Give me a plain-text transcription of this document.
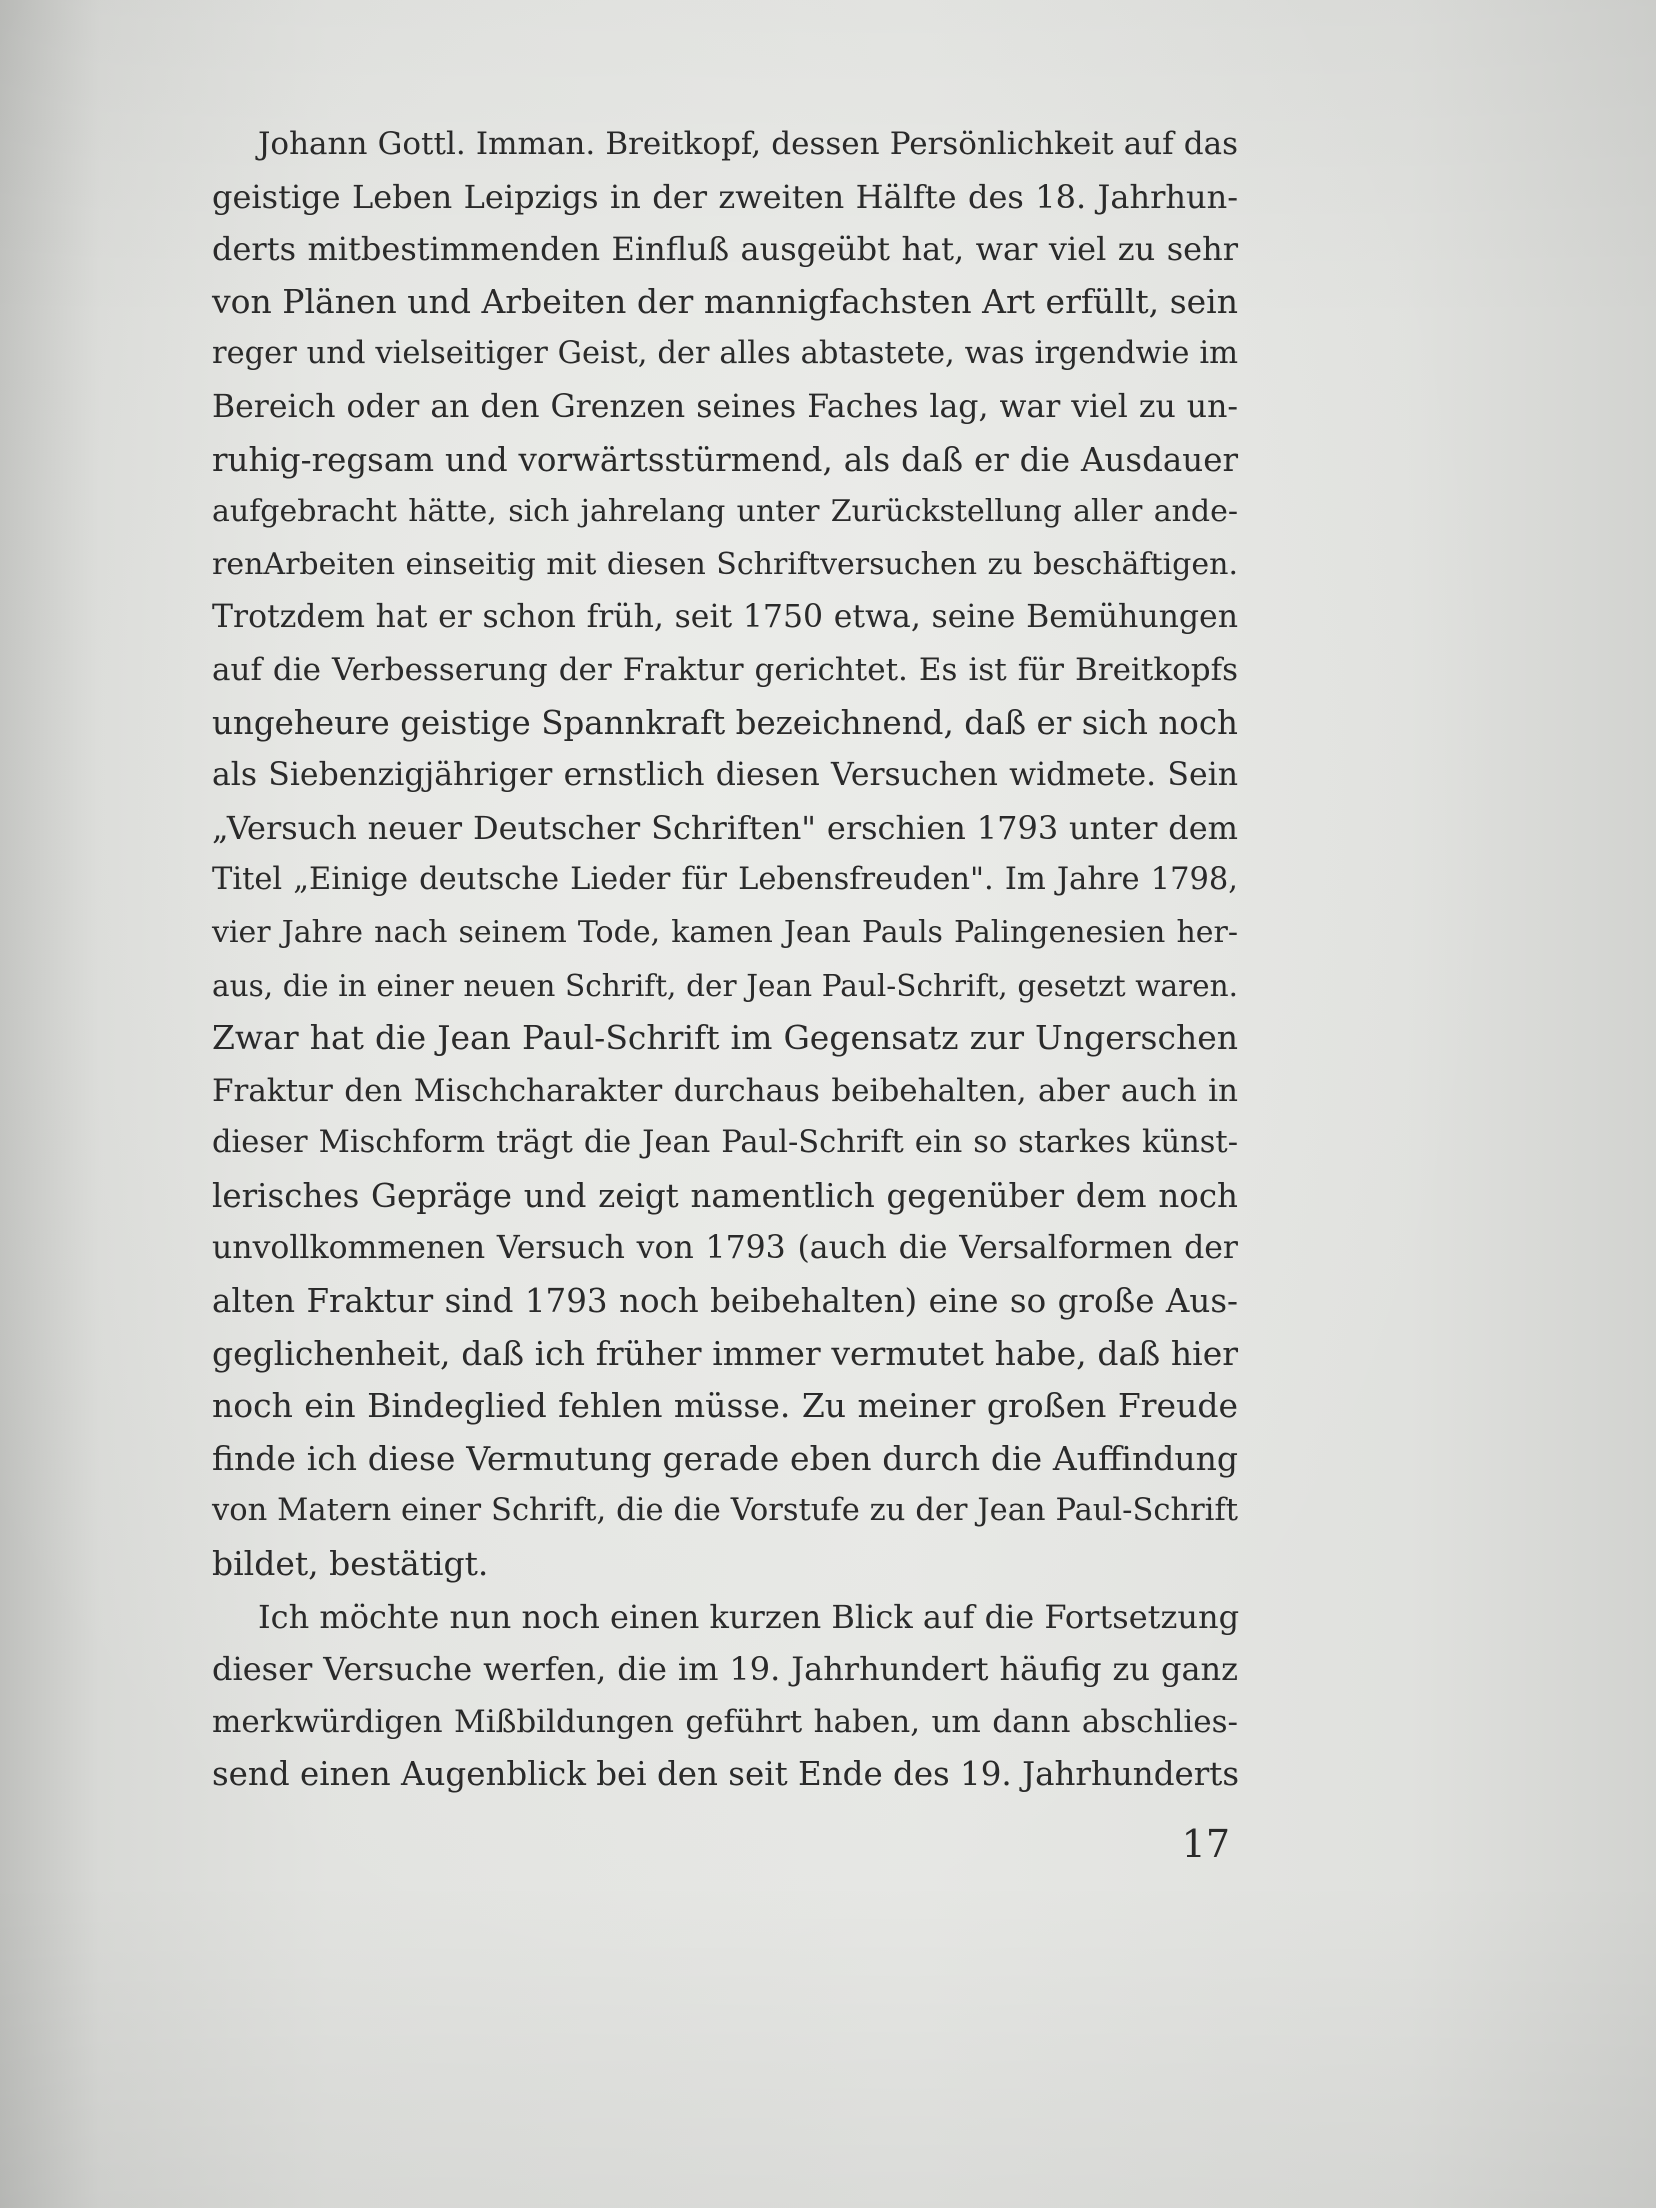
Johann Gottl. Imman. Breitkopf, dessen Persönlichkeit auf das
geistige Leben Leipzigs in der zweiten Hälfte des 18. Jahrhun-
derts mitbestimmenden Einfluß ausgeübt hat, war viel zu sehr
von Plänen und Arbeiten der mannigfachsten Art erfüllt, sein
reger und vielseitiger Geist, der alles abtastete, was irgendwie im
Bereich oder an den Grenzen seines Faches lag, war viel zu un-
ruhig-regsam und vorwärtsstürmend, als daß er die Ausdauer
aufgebracht hätte, sich jahrelang unter Zurückstellung aller ande-
renArbeiten einseitig mit diesen Schriftversuchen zu beschäftigen.
Trotzdem hat er schon früh, seit 1750 etwa, seine Bemühungen
auf die Verbesserung der Fraktur gerichtet. Es ist für Breitkopfs
ungeheure geistige Spannkraft bezeichnend, daß er sich noch
als Siebenzigjähriger ernstlich diesen Versuchen widmete. Sein
„Versuch neuer Deutscher Schriften" erschien 1793 unter dem
Titel „Einige deutsche Lieder für Lebensfreuden". Im Jahre 1798,
vier Jahre nach seinem Tode, kamen Jean Pauls Palingenesien her-
aus, die in einer neuen Schrift, der Jean Paul-Schrift, gesetzt waren.
Zwar hat die Jean Paul-Schrift im Gegensatz zur Ungerschen
Fraktur den Mischcharakter durchaus beibehalten, aber auch in
dieser Mischform trägt die Jean Paul-Schrift ein so starkes künst-
lerisches Gepräge und zeigt namentlich gegenüber dem noch
unvollkommenen Versuch von 1793 (auch die Versalformen der
alten Fraktur sind 1793 noch beibehalten) eine so große Aus-
geglichenheit, daß ich früher immer vermutet habe, daß hier
noch ein Bindeglied fehlen müsse. Zu meiner großen Freude
finde ich diese Vermutung gerade eben durch die Auffindung
von Matern einer Schrift, die die Vorstufe zu der Jean Paul-Schrift
bildet, bestätigt.
Ich möchte nun noch einen kurzen Blick auf die Fortsetzung
dieser Versuche werfen, die im 19. Jahrhundert häufig zu ganz
merkwürdigen Mißbildungen geführt haben, um dann abschlies-
send einen Augenblick bei den seit Ende des 19. Jahrhunderts
17
